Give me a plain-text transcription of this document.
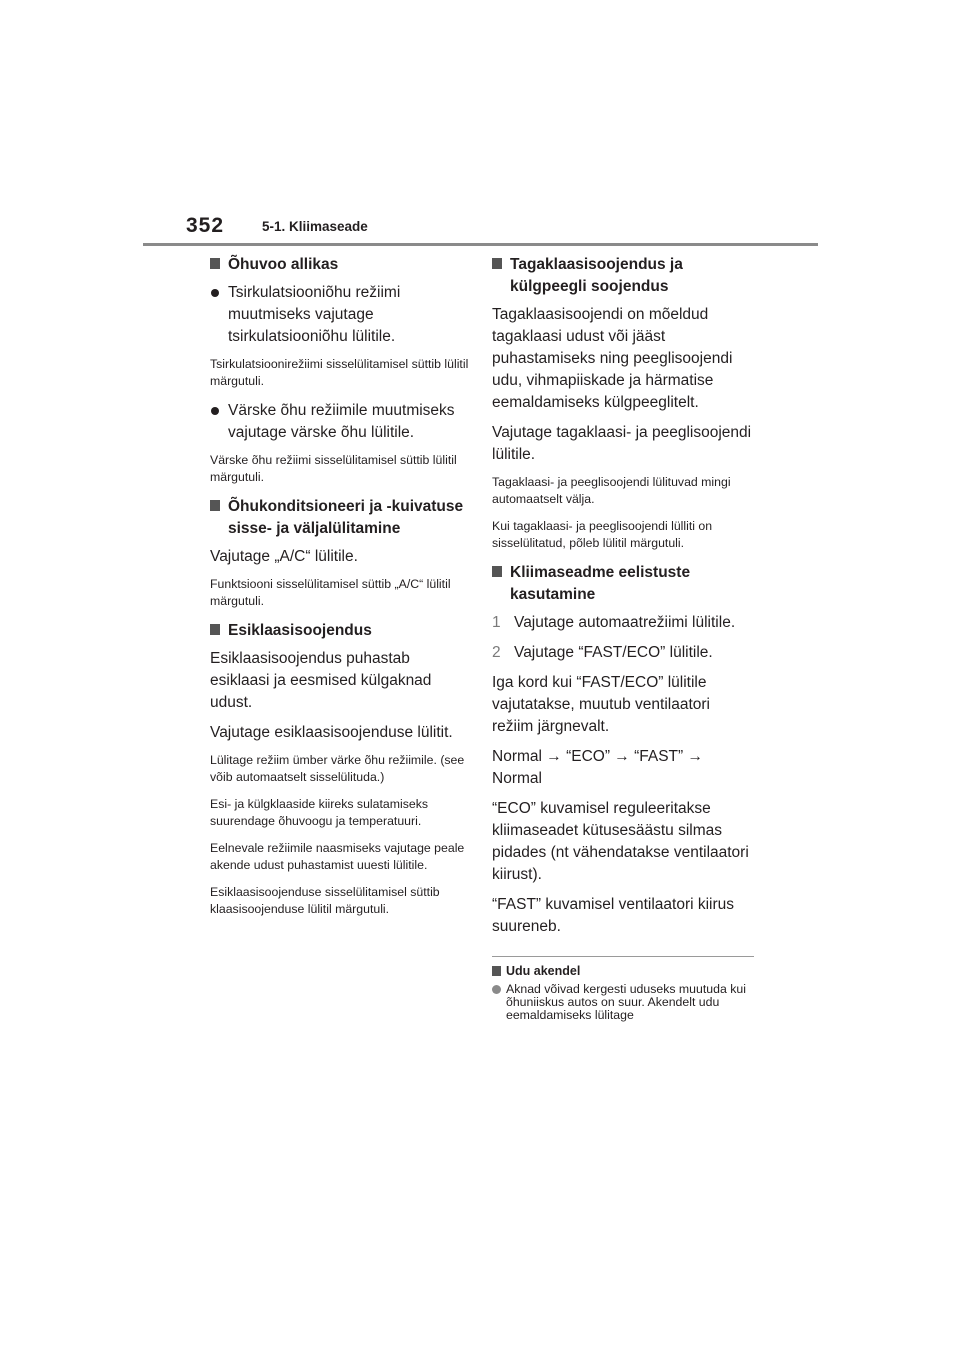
352	5-1. Kliimaseade
Õhuvoo allikas
Tsirkulatsiooniõhu režiimi muutmiseks vajutage tsirkulatsiooniõhu lülitile.

Tsirkulatsioonirežiimi sisselülitamisel süttib lülitil märgutuli.

Värske õhu režiimile muutmiseks vajutage värske õhu lülitile.

Värske õhu režiimi sisselülitamisel süttib lülitil märgutuli.

Õhukonditsioneeri ja -kuivatuse sisse- ja väljalülitamine

Vajutage „A/C“ lülitile.

Funktsiooni sisselülitamisel süttib „A/C“ lülitil märgutuli.

Esiklaasisoojendus

Esiklaasisoojendus puhastab esiklaasi ja eesmised külgaknad udust.

Vajutage esiklaasisoojenduse lülitit.

Lülitage režiim ümber värke õhu režiimile. (see võib automaatselt sisselülituda.)

Esi- ja külgklaaside kiireks sulatamiseks suurendage õhuvoogu ja temperatuuri.

Eelnevale režiimile naasmiseks vajutage peale akende udust puhastamist uuesti lülitile.

Esiklaasisoojenduse sisselülitamisel süttib klaasisoojenduse lülitil märgutuli.

Tagaklaasisoojendus ja külgpeegli soojendus

Tagaklaasisoojendi on mõeldud tagaklaasi udust või jääst puhastamiseks ning peeglisoojendi udu, vihmapiiskade ja härmatise eemaldamiseks külgpeeglitelt.

Vajutage tagaklaasi- ja peeglisoojendi lülitile.

Tagaklaasi- ja peeglisoojendi lülituvad mingi automaatselt välja.

Kui tagaklaasi- ja peeglisoojendi lülliti on sisselülitatud, põleb lülitil märgutuli.

Kliimaseadme eelistuste kasutamine
1 Vajutage automaatrežiimi lülitile.
2 Vajutage “FAST/ECO” lülitile.

Iga kord kui “FAST/ECO” lülitile vajutatakse, muutub ventilaatori režiim järgnevalt.

Normal → “ECO” → “FAST” → Normal

“ECO” kuvamisel reguleeritakse kliimaseadet kütusesäästu silmas pidades (nt vähendatakse ventilaatori kiirust).

“FAST” kuvamisel ventilaatori kiirus suureneb.

Udu akendel
Aknad võivad kergesti uduseks muutuda kui õhuniiskus autos on suur. Akendelt udu eemaldamiseks lülitage
